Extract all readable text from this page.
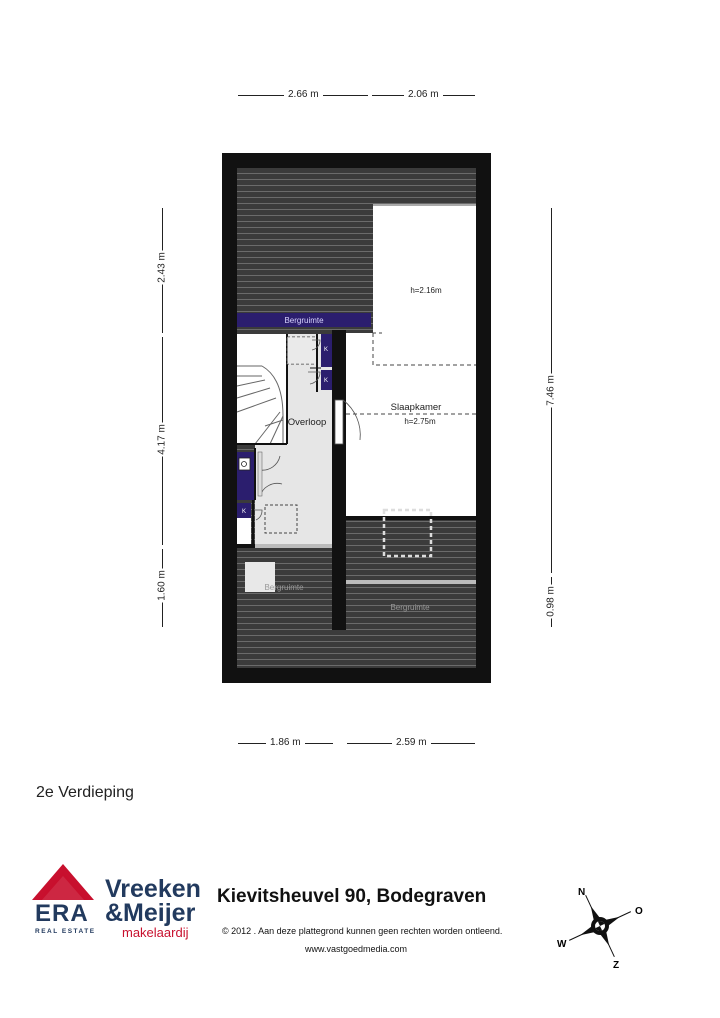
2.66 m	2.06 m
1.86 m	2.59 m
2.43 m
4.17 m
1.60 m
7.46 m
0.98 m
Bergruimte
h=2.16m
Slaapkamer
h=2.75m
Overloop
K
K
K
Bergruimte
Bergruimte
2e Verdieping
ERA
REAL ESTATE
Vreeken
&Meijer
makelaardij
Kievitsheuvel 90, Bodegraven
© 2012 . Aan deze plattegrond kunnen geen rechten worden ontleend.
www.vastgoedmedia.com
N
O
W
Z
